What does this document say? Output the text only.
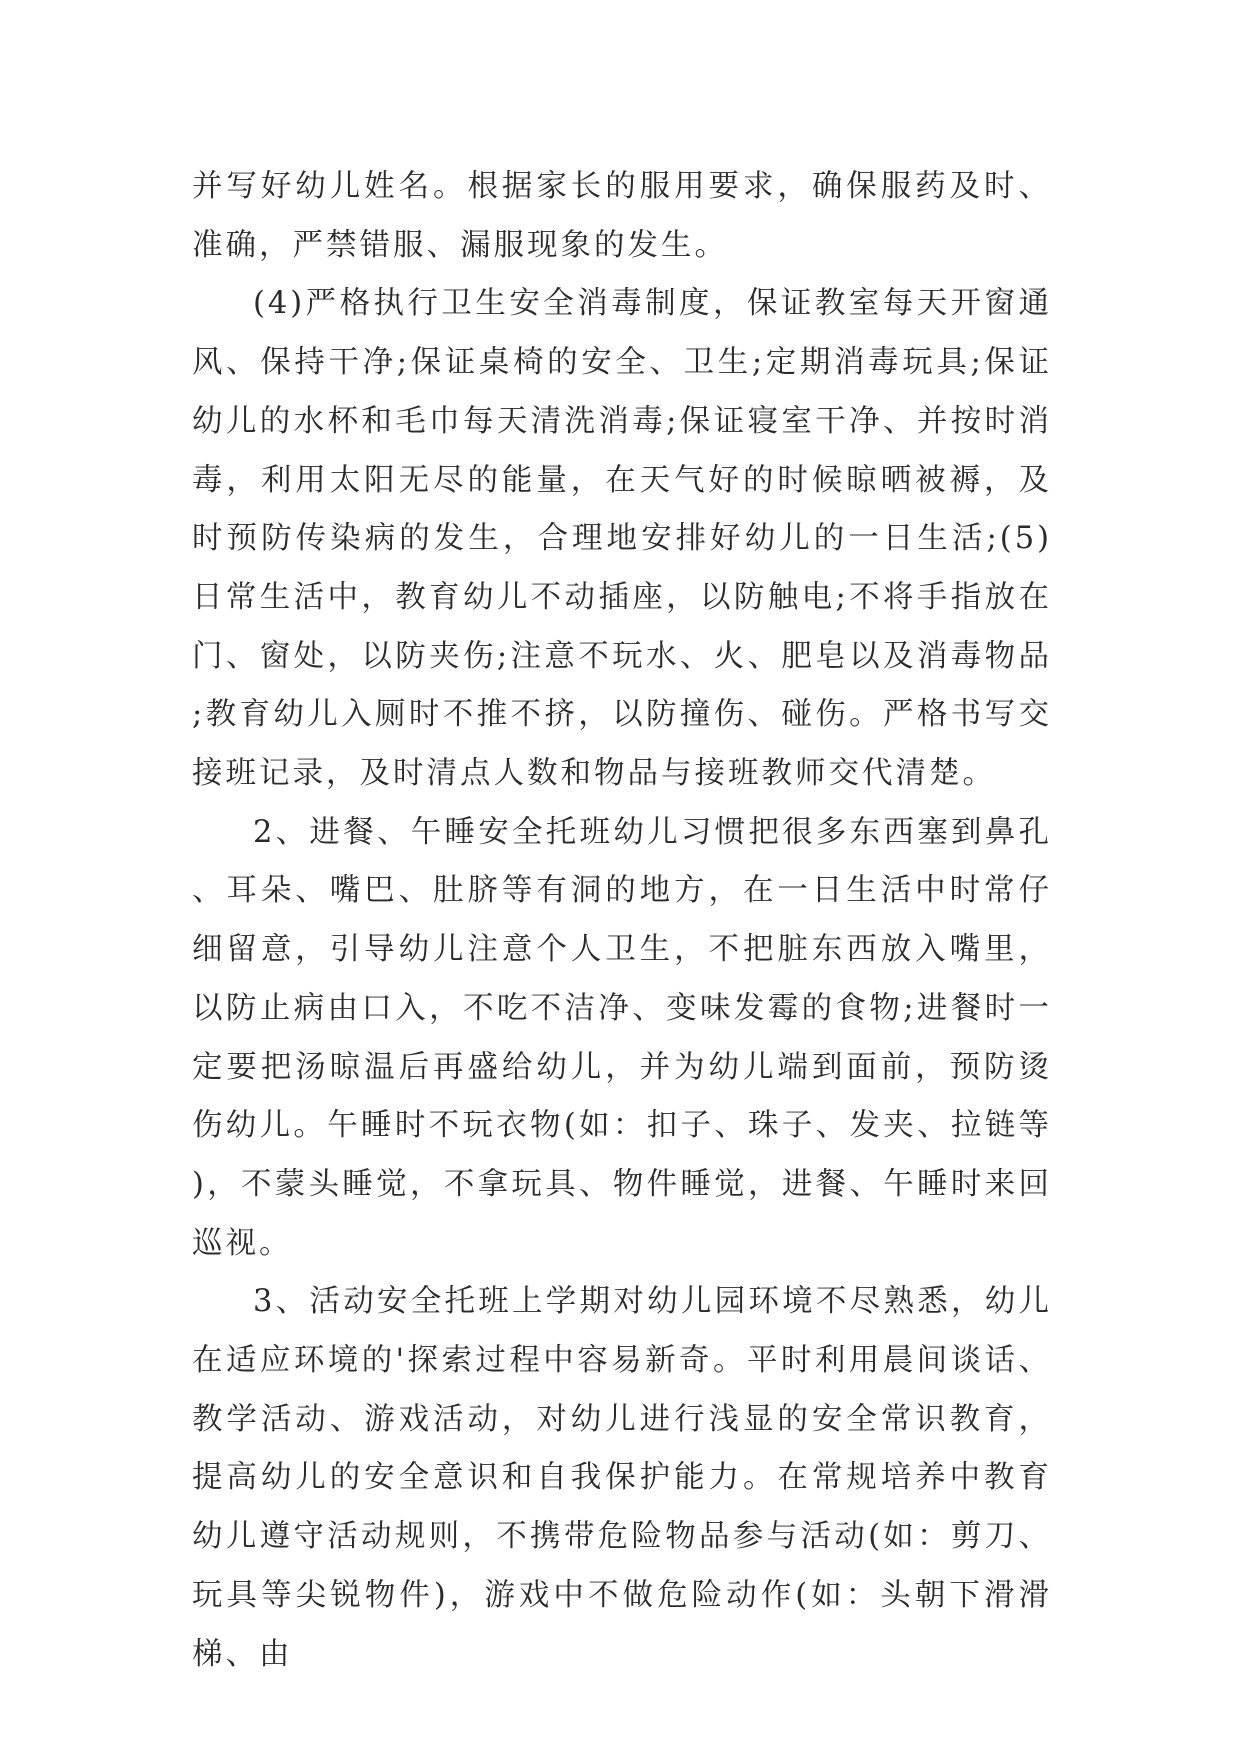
并写好幼儿姓名。根据家长的服用要求，确保服药及时、准确，严禁错服、漏服现象的发生。

(4)严格执行卫生安全消毒制度，保证教室每天开窗通风、保持干净;保证桌椅的安全、卫生;定期消毒玩具;保证幼儿的水杯和毛巾每天清洗消毒;保证寝室干净、并按时消毒，利用太阳无尽的能量，在天气好的时候晾晒被褥，及时预防传染病的发生，合理地安排好幼儿的一日生活;(5)日常生活中，教育幼儿不动插座，以防触电;不将手指放在门、窗处，以防夹伤;注意不玩水、火、肥皂以及消毒物品;教育幼儿入厕时不推不挤，以防撞伤、碰伤。严格书写交接班记录，及时清点人数和物品与接班教师交代清楚。

2、进餐、午睡安全托班幼儿习惯把很多东西塞到鼻孔、耳朵、嘴巴、肚脐等有洞的地方，在一日生活中时常仔细留意，引导幼儿注意个人卫生，不把脏东西放入嘴里，以防止病由口入，不吃不洁净、变味发霉的食物;进餐时一定要把汤晾温后再盛给幼儿，并为幼儿端到面前，预防烫伤幼儿。午睡时不玩衣物(如：扣子、珠子、发夹、拉链等)，不蒙头睡觉，不拿玩具、物件睡觉，进餐、午睡时来回巡视。

3、活动安全托班上学期对幼儿园环境不尽熟悉，幼儿在适应环境的'探索过程中容易新奇。平时利用晨间谈话、教学活动、游戏活动，对幼儿进行浅显的安全常识教育，提高幼儿的安全意识和自我保护能力。在常规培养中教育幼儿遵守活动规则，不携带危险物品参与活动(如：剪刀、玩具等尖锐物件)，游戏中不做危险动作(如：头朝下滑滑梯、由
